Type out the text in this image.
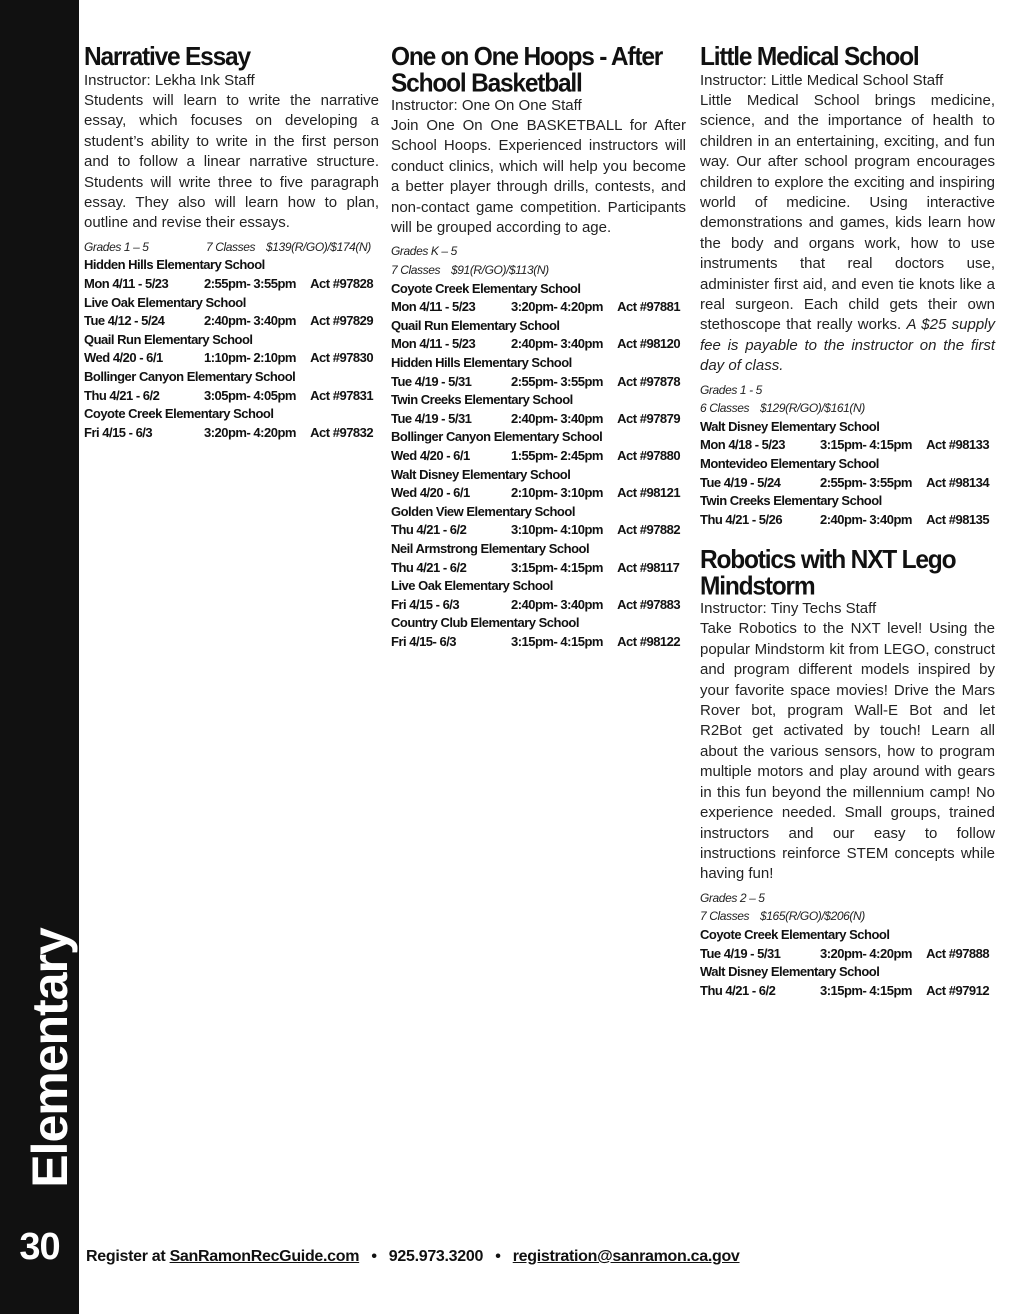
Elementary
30
Narrative Essay
Instructor: Lekha Ink Staff

Students will learn to write the narrative essay, which focuses on developing a student’s ability to write in the first person and to follow a linear narrative structure. Students will write three to five paragraph essay. They also will learn how to plan, outline and revise their essays.

Grades 1 – 5	7 Classes $139(R/GO)/$174(N)
Hidden Hills Elementary School
Mon 4/11 - 5/23	2:55pm- 3:55pm	Act #97828
Live Oak Elementary School
Tue 4/12 - 5/24	2:40pm- 3:40pm	Act #97829
Quail Run Elementary School
Wed 4/20 - 6/1	1:10pm- 2:10pm	Act #97830
Bollinger Canyon Elementary School
Thu 4/21 - 6/2	3:05pm- 4:05pm	Act #97831
Coyote Creek Elementary School
Fri 4/15 - 6/3	3:20pm- 4:20pm	Act #97832
One on One Hoops - After School Basketball
Instructor: One On One Staff

Join One On One BASKETBALL for After School Hoops. Experienced instructors will conduct clinics, which will help you become a better player through drills, contests, and non-contact game competition. Participants will be grouped according to age.

Grades K – 5
7 Classes $91(R/GO)/$113(N)
Coyote Creek Elementary School
Mon 4/11 - 5/23	3:20pm- 4:20pm	Act #97881
Quail Run Elementary School
Mon 4/11 - 5/23	2:40pm- 3:40pm	Act #98120
Hidden Hills Elementary School
Tue 4/19 - 5/31	2:55pm- 3:55pm	Act #97878
Twin Creeks Elementary School
Tue 4/19 - 5/31	2:40pm- 3:40pm	Act #97879
Bollinger Canyon Elementary School
Wed 4/20 - 6/1	1:55pm- 2:45pm	Act #97880
Walt Disney Elementary School
Wed 4/20 - 6/1	2:10pm- 3:10pm	Act #98121
Golden View Elementary School
Thu 4/21 - 6/2	3:10pm- 4:10pm	Act #97882
Neil Armstrong Elementary School
Thu 4/21 - 6/2	3:15pm- 4:15pm	Act #98117
Live Oak Elementary School
Fri 4/15 - 6/3	2:40pm- 3:40pm	Act #97883
Country Club Elementary School
Fri 4/15- 6/3	3:15pm- 4:15pm	Act #98122
Little Medical School
Instructor: Little Medical School Staff

Little Medical School brings medicine, science, and the importance of health to children in an entertaining, exciting, and fun way. Our after school program encourages children to explore the exciting and inspiring world of medicine. Using interactive demonstrations and games, kids learn how the body and organs work, how to use instruments that real doctors use, administer first aid, and even tie knots like a real surgeon. Each child gets their own stethoscope that really works. A $25 supply fee is payable to the instructor on the first day of class.

Grades 1 - 5
6 Classes $129(R/GO)/$161(N)
Walt Disney Elementary School
Mon 4/18 - 5/23	3:15pm- 4:15pm	Act #98133
Montevideo Elementary School
Tue 4/19 - 5/24	2:55pm- 3:55pm	Act #98134
Twin Creeks Elementary School
Thu 4/21 - 5/26	2:40pm- 3:40pm	Act #98135
Robotics with NXT Lego Mindstorm
Instructor: Tiny Techs Staff

Take Robotics to the NXT level! Using the popular Mindstorm kit from LEGO, construct and program different models inspired by your favorite space movies! Drive the Mars Rover bot, program Wall-E Bot and let R2Bot get activated by touch! Learn all about the various sensors, how to program multiple motors and play around with gears in this fun beyond the millennium camp! No experience needed. Small groups, trained instructors and our easy to follow instructions reinforce STEM concepts while having fun!

Grades 2 – 5
7 Classes $165(R/GO)/$206(N)
Coyote Creek Elementary School
Tue 4/19 - 5/31	3:20pm- 4:20pm	Act #97888
Walt Disney Elementary School
Thu 4/21 - 6/2	3:15pm- 4:15pm	Act #97912
Register at SanRamonRecGuide.com • 925.973.3200 • registration@sanramon.ca.gov
